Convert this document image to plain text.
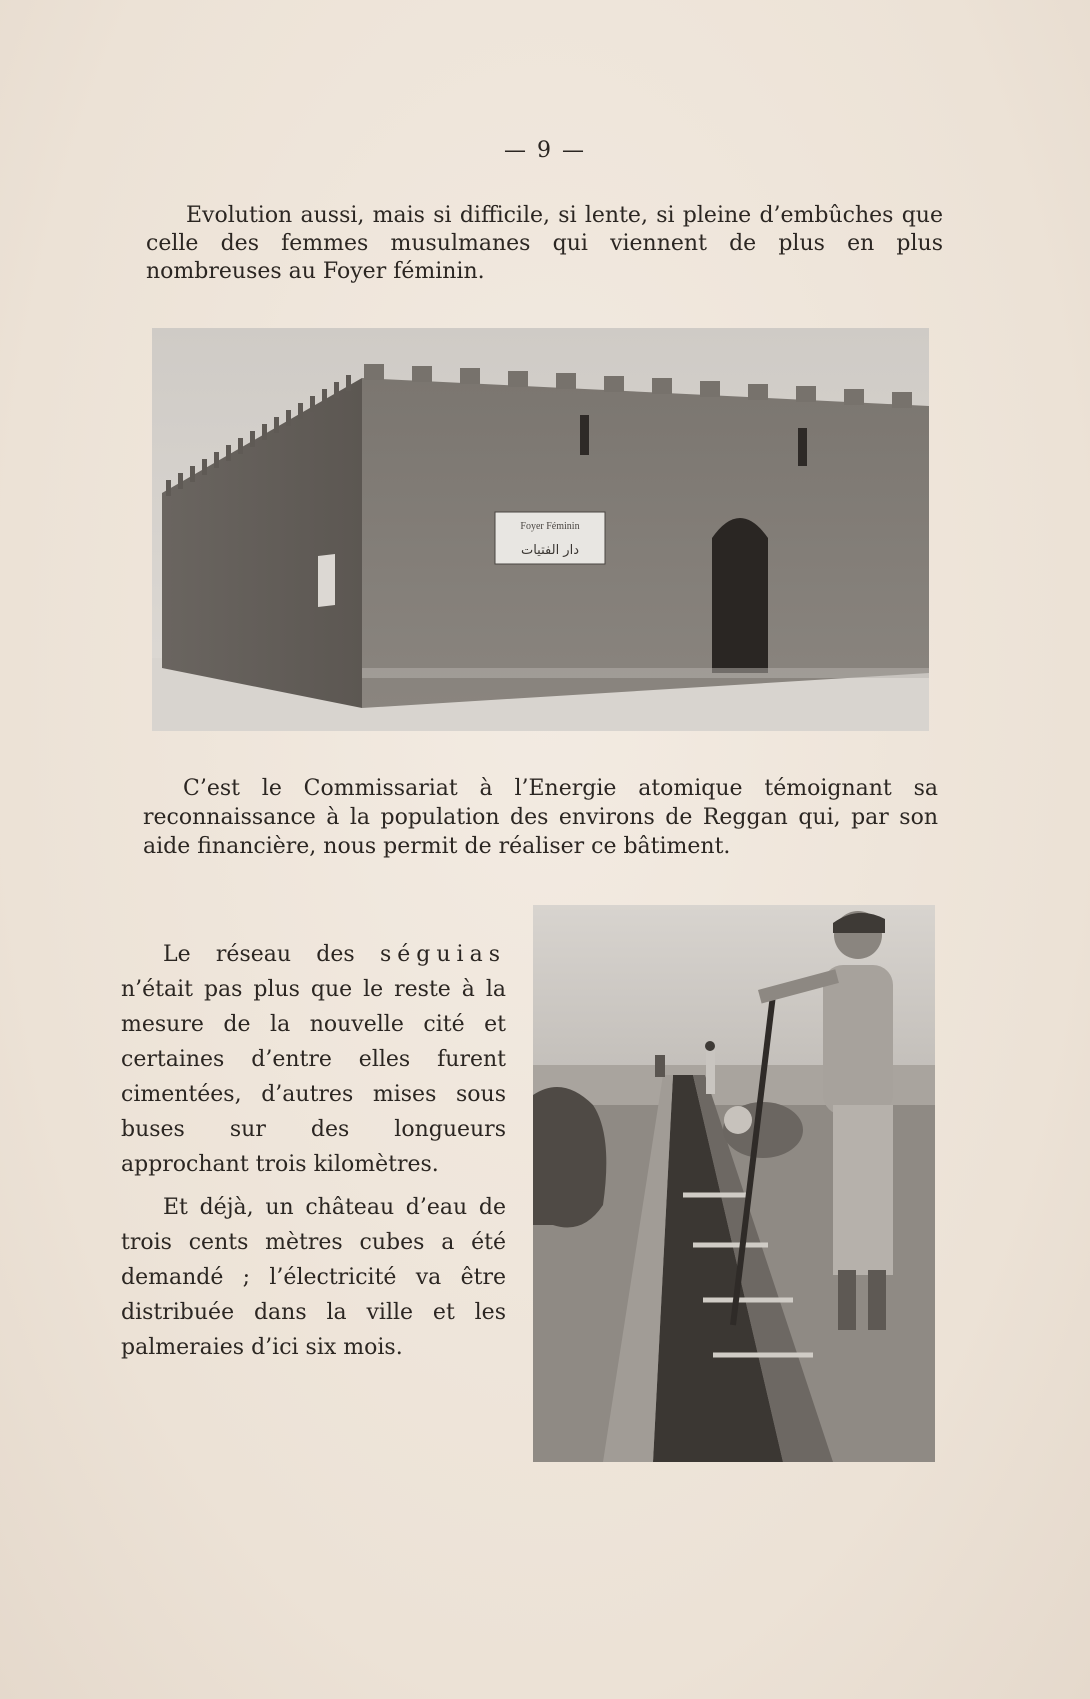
— 9 —
Evolution aussi, mais si difficile, si lente, si pleine d’embûches que celle des femmes musulmanes qui viennent de plus en plus nombreuses au Foyer féminin.
Foyer Féminin
دار الفتيات
C’est le Commissariat à l’Energie atomique témoignant sa reconnaissance à la population des environs de Reggan qui, par son aide financière, nous permit de réaliser ce bâtiment.

Le réseau des séguias n’était pas plus que le reste à la mesure de la nouvelle cité et certaines d’entre elles furent cimentées, d’autres mises sous buses sur des longueurs approchant trois kilomètres.

Et déjà, un château d’eau de trois cents mètres cubes a été demandé ; l’électricité va être distribuée dans la ville et les palmeraies d’ici six mois.
